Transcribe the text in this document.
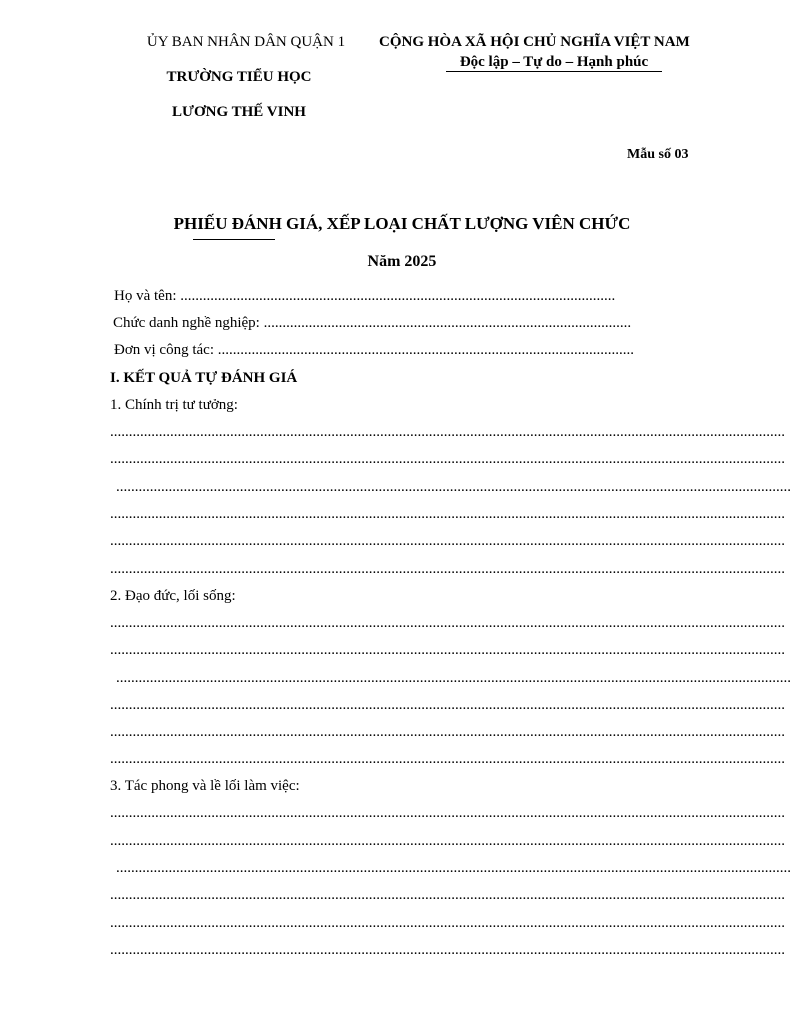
ỦY BAN NHÂN DÂN QUẬN 1
TRƯỜNG TIỂU HỌC
LƯƠNG THẾ VINH
CỘNG HÒA XÃ HỘI CHỦ NGHĨA VIỆT NAM
Độc lập – Tự do – Hạnh phúc
Mẫu số 03
PHIẾU ĐÁNH GIÁ, XẾP LOẠI CHẤT LƯỢNG VIÊN CHỨC
Năm 2025
Họ và tên: ....................................................................................................................
Chức danh nghề nghiệp: ..................................................................................................
Đơn vị công tác: ...............................................................................................................
I. KẾT QUẢ TỰ ĐÁNH GIÁ
1. Chính trị tư tưởng:
....................................................................................................................................................................................
....................................................................................................................................................................................
....................................................................................................................................................................................
....................................................................................................................................................................................
....................................................................................................................................................................................
....................................................................................................................................................................................
2. Đạo đức, lối sống:
....................................................................................................................................................................................
....................................................................................................................................................................................
....................................................................................................................................................................................
....................................................................................................................................................................................
....................................................................................................................................................................................
....................................................................................................................................................................................
3. Tác phong và lề lối làm việc:
....................................................................................................................................................................................
....................................................................................................................................................................................
....................................................................................................................................................................................
....................................................................................................................................................................................
....................................................................................................................................................................................
....................................................................................................................................................................................
